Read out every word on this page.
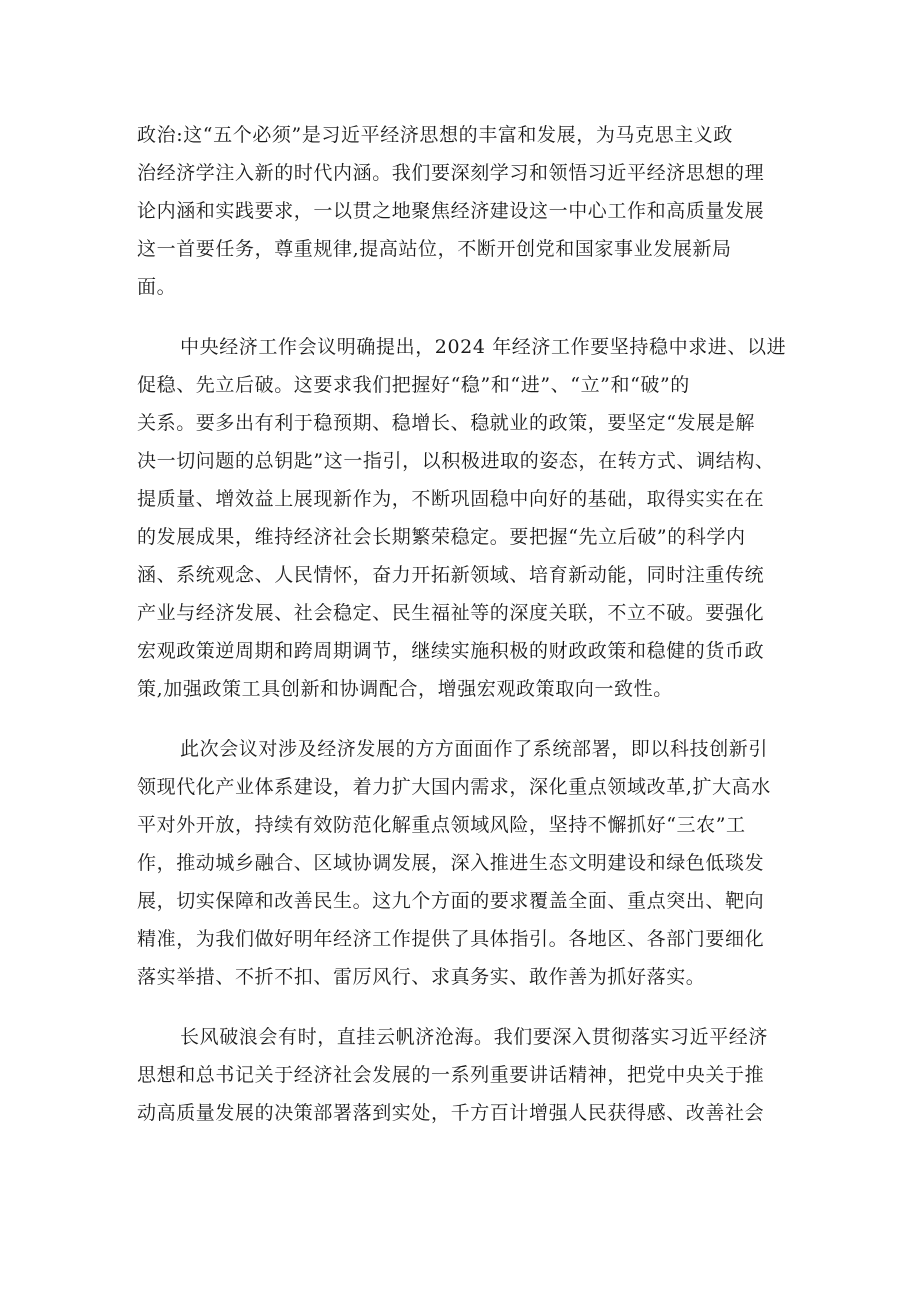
政治:这“五个必须”是习近平经济思想的丰富和发展，为马克思主义政
治经济学注入新的时代内涵。我们要深刻学习和领悟习近平经济思想的理
论内涵和实践要求，一以贯之地聚焦经济建设这一中心工作和高质量发展
这一首要任务，尊重规律,提高站位，不断开创党和国家事业发展新局
面。
中央经济工作会议明确提出，2024 年经济工作要坚持稳中求进、以进
促稳、先立后破。这要求我们把握好“稳”和“进”、“立”和“破”的
关系。要多出有利于稳预期、稳增长、稳就业的政策，要坚定“发展是解
决一切问题的总钥匙”这一指引，以积极进取的姿态，在转方式、调结构、
提质量、增效益上展现新作为，不断巩固稳中向好的基础，取得实实在在
的发展成果，维持经济社会长期繁荣稳定。要把握“先立后破”的科学内
涵、系统观念、人民情怀，奋力开拓新领域、培育新动能，同时注重传统
产业与经济发展、社会稳定、民生福祉等的深度关联，不立不破。要强化
宏观政策逆周期和跨周期调节，继续实施积极的财政政策和稳健的货币政
策,加强政策工具创新和协调配合，增强宏观政策取向一致性。
此次会议对涉及经济发展的方方面面作了系统部署，即以科技创新引
领现代化产业体系建设，着力扩大国内需求，深化重点领域改革,扩大高水
平对外开放，持续有效防范化解重点领域风险，坚持不懈抓好“三农”工
作，推动城乡融合、区域协调发展，深入推进生态文明建设和绿色低琰发
展，切实保障和改善民生。这九个方面的要求覆盖全面、重点突出、靶向
精准，为我们做好明年经济工作提供了具体指引。各地区、各部门要细化
落实举措、不折不扣、雷厉风行、求真务实、敢作善为抓好落实。
长风破浪会有时，直挂云帆济沧海。我们要深入贯彻落实习近平经济
思想和总书记关于经济社会发展的一系列重要讲话精神，把党中央关于推
动高质量发展的决策部署落到实处，千方百计增强人民获得感、改善社会
